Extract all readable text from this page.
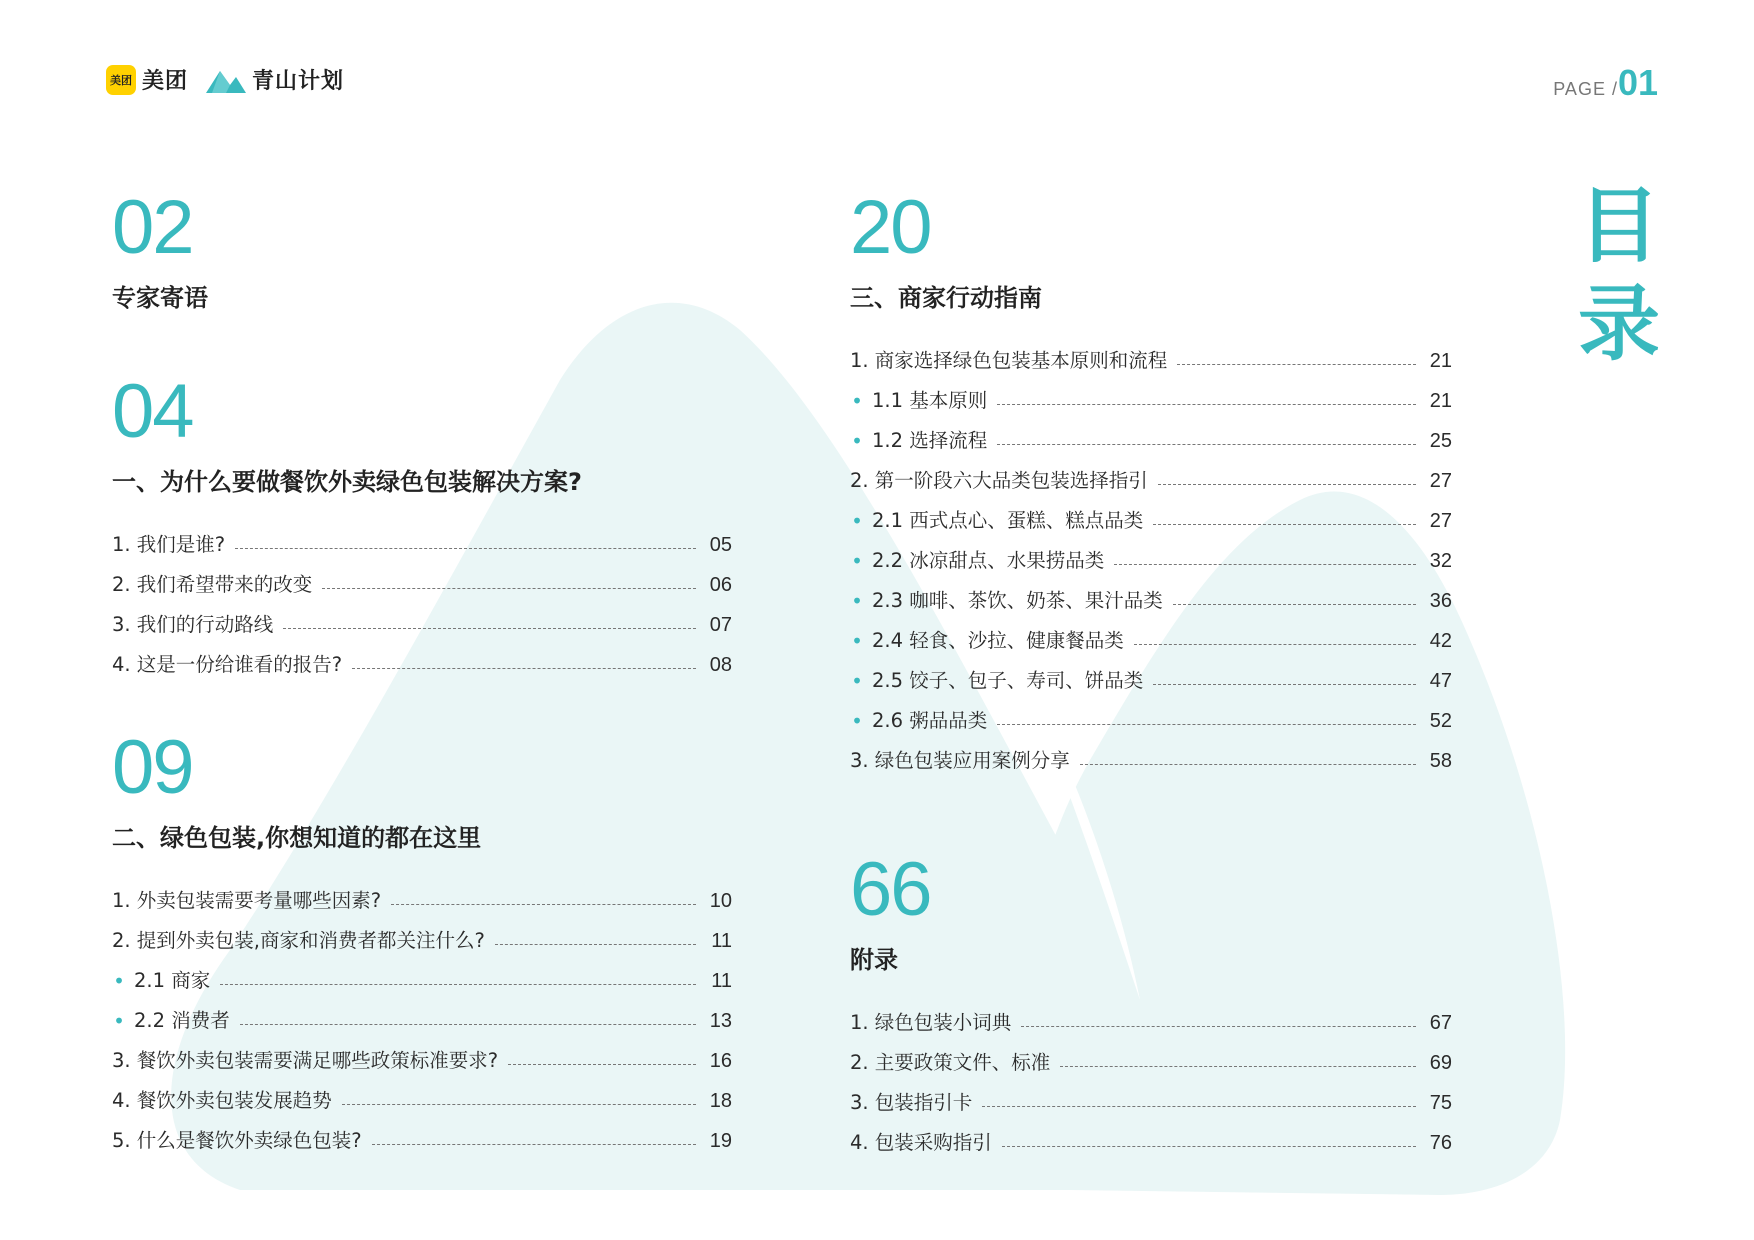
美团 美团	青山计划	PAGE / 01
目
录
02
专家寄语
04
一、为什么要做餐饮外卖绿色包装解决方案?
1. 我们是谁?	05
2. 我们希望带来的改变	06
3. 我们的行动路线	07
4. 这是一份给谁看的报告?	08
09
二、绿色包装,你想知道的都在这里
1. 外卖包装需要考量哪些因素?	10
2. 提到外卖包装,商家和消费者都关注什么?	11
• 2.1 商家	11
• 2.2 消费者	13
3. 餐饮外卖包装需要满足哪些政策标准要求?	16
4. 餐饮外卖包装发展趋势	18
5. 什么是餐饮外卖绿色包装?	19
20
三、商家行动指南
1. 商家选择绿色包装基本原则和流程	21
• 1.1 基本原则	21
• 1.2 选择流程	25
2. 第一阶段六大品类包装选择指引	27
• 2.1 西式点心、蛋糕、糕点品类	27
• 2.2 冰凉甜点、水果捞品类	32
• 2.3 咖啡、茶饮、奶茶、果汁品类	36
• 2.4 轻食、沙拉、健康餐品类	42
• 2.5 饺子、包子、寿司、饼品类	47
• 2.6 粥品品类	52
3. 绿色包装应用案例分享	58
66
附录
1. 绿色包装小词典	67
2. 主要政策文件、标准	69
3. 包装指引卡	75
4. 包装采购指引	76
